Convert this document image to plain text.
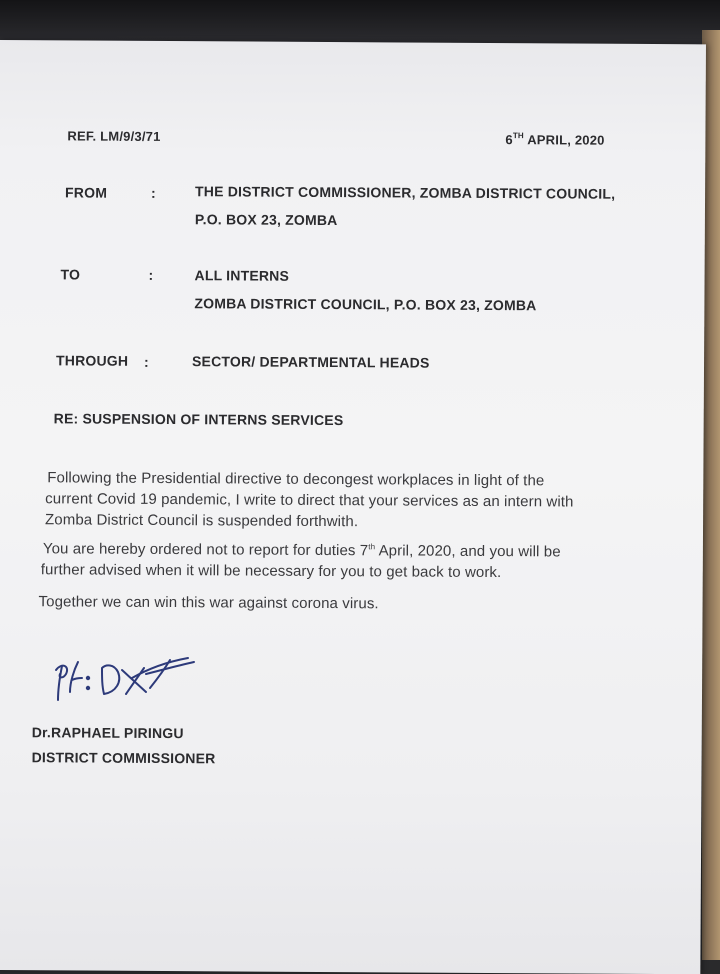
REF. LM/9/3/71	6TH APRIL, 2020
FROM	:	THE DISTRICT COMMISSIONER, ZOMBA DISTRICT COUNCIL,
P.O. BOX 23, ZOMBA
TO	:	ALL INTERNS
ZOMBA DISTRICT COUNCIL, P.O. BOX 23, ZOMBA
THROUGH :	SECTOR/ DEPARTMENTAL HEADS
RE: SUSPENSION OF INTERNS SERVICES
Following the Presidential directive to decongest workplaces in light of the
current Covid 19 pandemic, I write to direct that your services as an intern with
Zomba District Council is suspended forthwith.
You are hereby ordered not to report for duties 7th April, 2020, and you will be
further advised when it will be necessary for you to get back to work.
Together we can win this war against corona virus.
Dr.RAPHAEL PIRINGU
DISTRICT COMMISSIONER
